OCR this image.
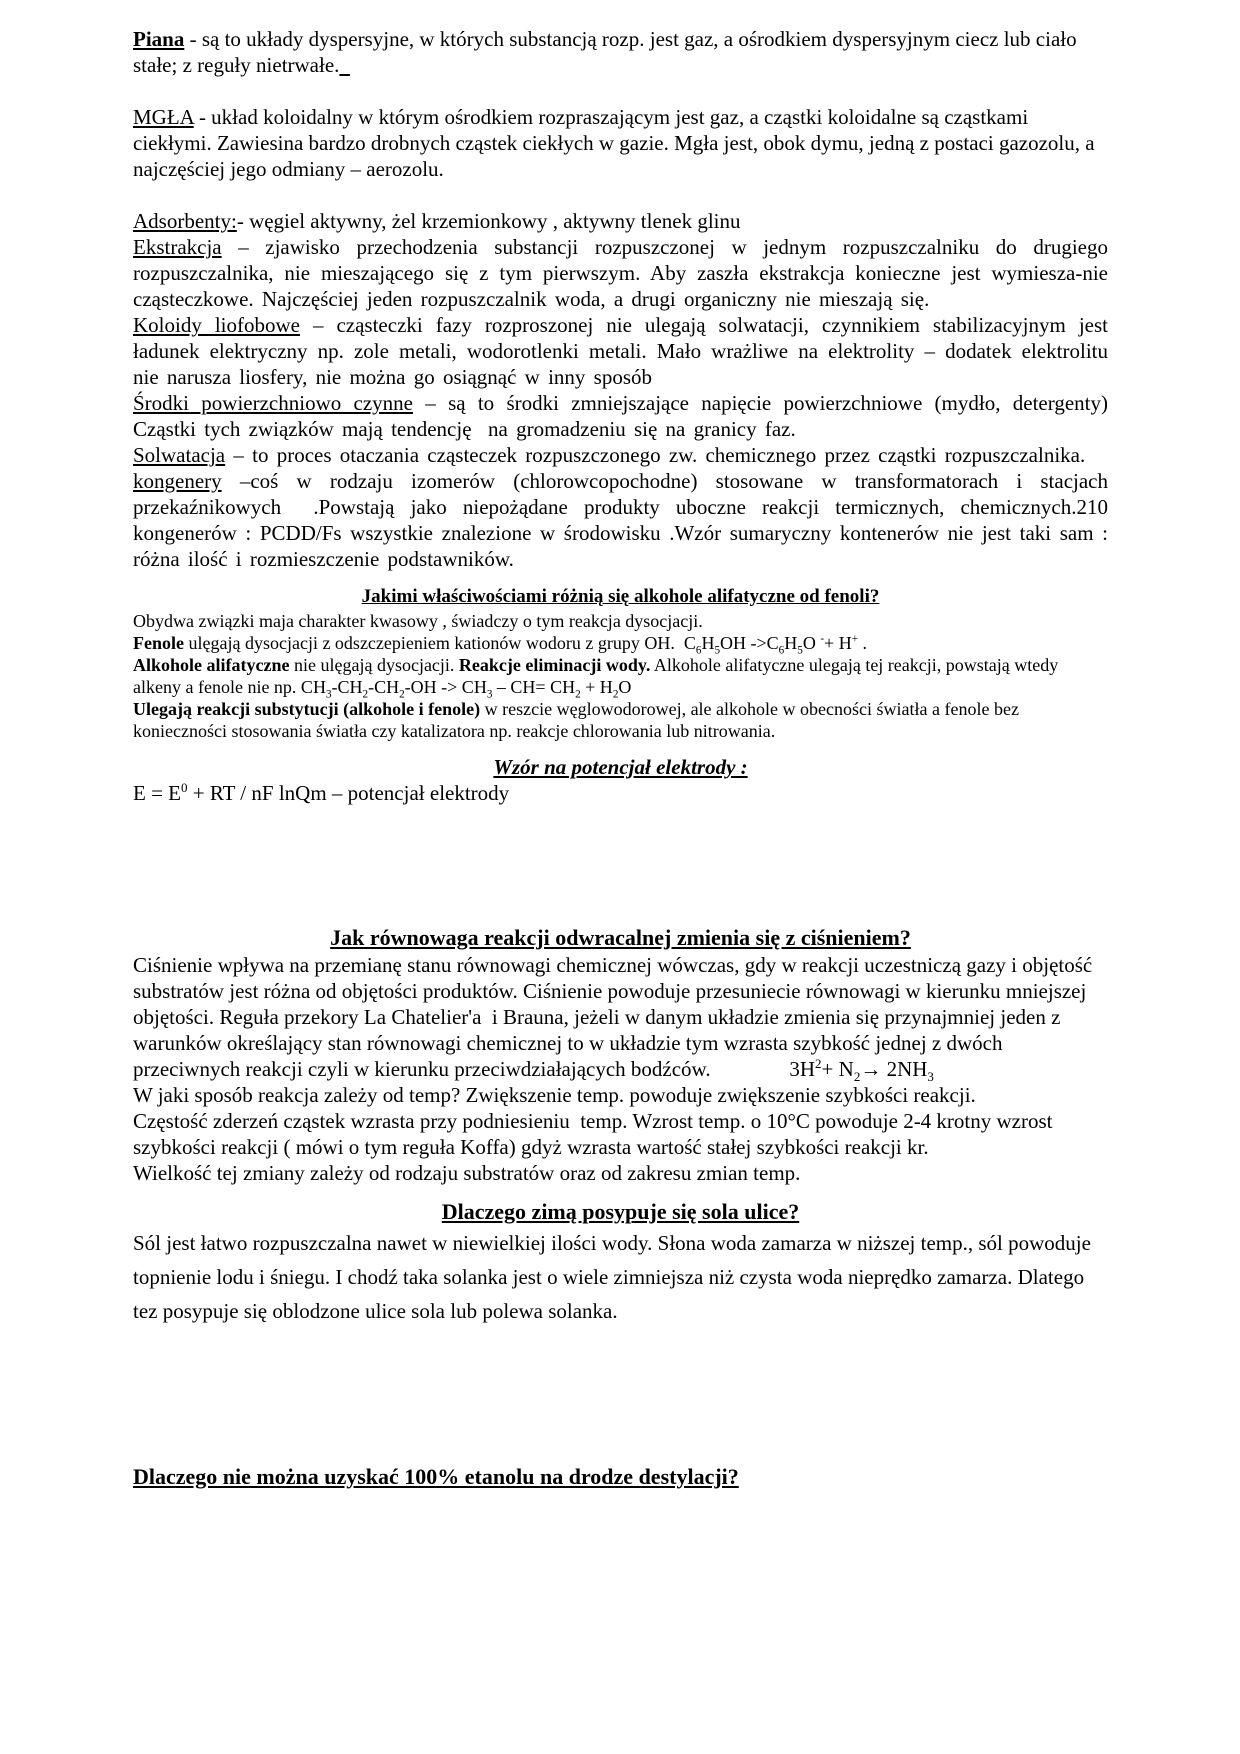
Piana - są to układy dyspersyjne, w których substancją rozp. jest gaz, a ośrodkiem dyspersyjnym ciecz lub ciało stałe; z reguły nietrwałe.
MGŁA - układ koloidalny w którym ośrodkiem rozpraszającym jest gaz, a cząstki koloidalne są cząstkami ciekłymi. Zawiesina bardzo drobnych cząstek ciekłych w gazie. Mgła jest, obok dymu, jedną z postaci gazozolu, a najczęściej jego odmiany – aerozolu.
Adsorbenty:- węgiel aktywny, żel krzemionkowy , aktywny tlenek glinu
Ekstrakcja – zjawisko przechodzenia substancji rozpuszczonej w jednym rozpuszczalniku do drugiego rozpuszczalnika, nie mieszającego się z tym pierwszym. Aby zaszła ekstrakcja konieczne jest wymiesza-nie cząsteczkowe. Najczęściej jeden rozpuszczalnik woda, a drugi organiczny nie mieszają się.
Koloidy liofobowe – cząsteczki fazy rozproszonej nie ulegają solwatacji, czynnikiem stabilizacyjnym jest ładunek elektryczny np. zole metali, wodorotlenki metali. Mało wrażliwe na elektrolity – dodatek elektrolitu nie narusza liosfery, nie można go osiągnąć w inny sposób
Środki powierzchniowo czynne – są to środki zmniejszające napięcie powierzchniowe (mydło, detergenty) Cząstki tych związków mają tendencję  na gromadzeniu się na granicy faz.
Solwatacja – to proces otaczania cząsteczek rozpuszczonego zw. chemicznego przez cząstki rozpuszczalnika.
kongenery –coś w rodzaju izomerów (chlorowcopochodne) stosowane w transformatorach i stacjach przekaźnikowych  .Powstają jako niepożądane produkty uboczne reakcji termicznych, chemicznych.210 kongenerów : PCDD/Fs wszystkie znalezione w środowisku .Wzór sumaryczny kontenerów nie jest taki sam : różna ilość i rozmieszczenie podstawników.
Jakimi właściwościami różnią się alkohole alifatyczne od fenoli?
Obydwa związki maja charakter kwasowy , świadczy o tym reakcja dysocjacji.
Fenole ulęgają dysocjacji z odszczepieniem kationów wodoru z grupy OH.  $C_6H_5OH$ $->C_6H_5O$ -+ H+ .
Alkohole alifatyczne nie ulęgają dysocjacji. Reakcje eliminacji wody. Alkohole alifatyczne ulegają tej reakcji, powstają wtedy alkeny a fenole nie np. $CH_3-CH_2-CH_2-OH -> CH_3 - CH= CH_2 + H_2O$
Ulegają reakcji substytucji (alkohole i fenole) w reszcie węglowodorowej, ale alkohole w obecności światła a fenole bez konieczności stosowania światła czy katalizatora np. reakcje chlorowania lub nitrowania.
Wzór na potencjał elektrody :
$E = E^0$ + RT / nF lnQm – potencjał elektrody
Jak równowaga reakcji odwracalnej zmienia się z ciśnieniem?
Ciśnienie wpływa na przemianę stanu równowagi chemicznej wówczas, gdy w reakcji uczestniczą gazy i objętość substratów jest różna od objętości produktów. Ciśnienie powoduje przesuniecie równowagi w kierunku mniejszej objętości. Reguła przekory La Chatelier'a  i Brauna, jeżeli w danym układzie zmienia się przynajmniej jeden z warunków określający stan równowagi chemicznej to w układzie tym wzrasta szybkość jednej z dwóch przeciwnych reakcji czyli w kierunku przeciwdziałających bodźców.               $3H^2+ N_2\to 2NH_3$
W jaki sposób reakcja zależy od temp? Zwiększenie temp. powoduje zwiększenie szybkości reakcji.
Częstość zderzeń cząstek wzrasta przy podniesieniu  temp. Wzrost temp. o 10°C powoduje 2-4 krotny wzrost szybkości reakcji ( mówi o tym reguła Koffa) gdyż wzrasta wartość stałej szybkości reakcji kr.
Wielkość tej zmiany zależy od rodzaju substratów oraz od zakresu zmian temp.
Dlaczego zimą posypuje się sola ulice?
Sól jest łatwo rozpuszczalna nawet w niewielkiej ilości wody. Słona woda zamarza w niższej temp., sól powoduje topnienie lodu i śniegu. I chodź taka solanka jest o wiele zimniejsza niż czysta woda nieprędko zamarza. Dlatego tez posypuje się oblodzone ulice sola lub polewa solanka.
Dlaczego nie można uzyskać 100% etanolu na drodze destylacji?
